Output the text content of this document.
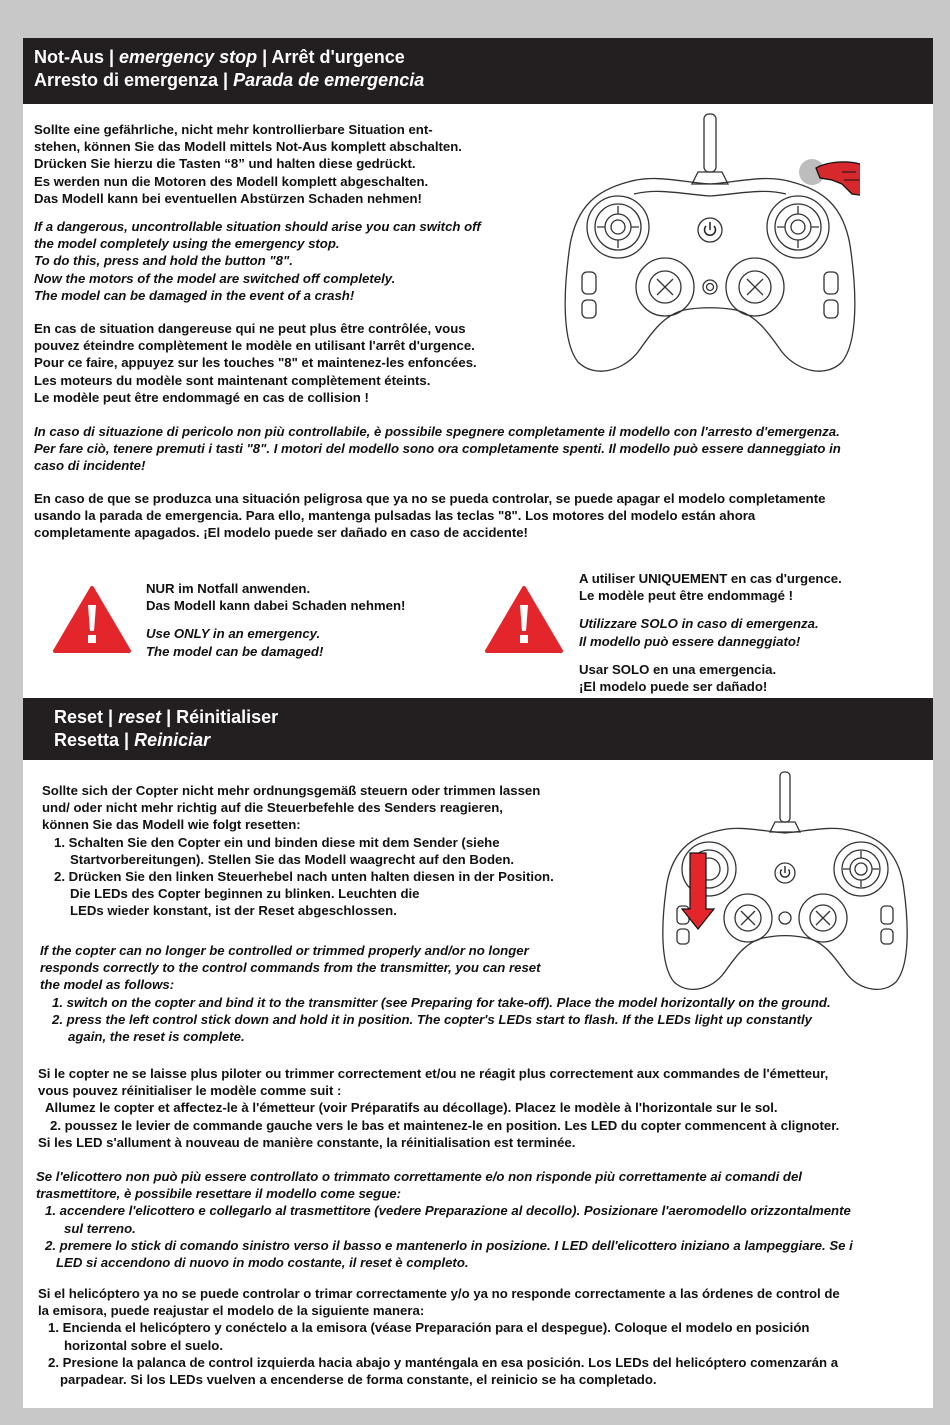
Not-Aus | emergency stop | Arrêt d'urgence
Arresto di emergenza | Parada de emergencia
Sollte eine gefährliche, nicht mehr kontrollierbare Situation ent-
stehen, können Sie das Modell mittels Not-Aus komplett abschalten.
Drücken Sie hierzu die Tasten “8” und halten diese gedrückt.
Es werden nun die Motoren des Modell komplett abgeschalten.
Das Modell kann bei eventuellen Abstürzen Schaden nehmen!
If a dangerous, uncontrollable situation should arise you can switch off
the model completely using the emergency stop.
To do this, press and hold the button "8".
Now the motors of the model are switched off completely.
The model can be damaged in the event of a crash!
En cas de situation dangereuse qui ne peut plus être contrôlée, vous
pouvez éteindre complètement le modèle en utilisant l'arrêt d'urgence.
Pour ce faire, appuyez sur les touches "8" et maintenez-les enfoncées.
Les moteurs du modèle sont maintenant complètement éteints.
Le modèle peut être endommagé en cas de collision !
In caso di situazione di pericolo non più controllabile, è possibile spegnere completamente il modello con l'arresto d'emergenza.
Per fare ciò, tenere premuti i tasti "8". I motori del modello sono ora completamente spenti. Il modello può essere danneggiato in
caso di incidente!
En caso de que se produzca una situación peligrosa que ya no se pueda controlar, se puede apagar el modelo completamente
usando la parada de emergencia. Para ello, mantenga pulsadas las teclas "8". Los motores del modelo están ahora
completamente apagados. ¡El modelo puede ser dañado en caso de accidente!

NUR im Notfall anwenden.

Das Modell kann dabei Schaden nehmen!

Use ONLY in an emergency.

The model can be damaged!

A utiliser UNIQUEMENT en cas d'urgence.

Le modèle peut être endommagé !

Utilizzare SOLO in caso di emergenza.

Il modello può essere danneggiato!

Usar SOLO en una emergencia.

¡El modelo puede ser dañado!

Reset | reset | Réinitialiser
Resetta | Reiniciar
Sollte sich der Copter nicht mehr ordnungsgemäß steuern oder trimmen lassen
und/ oder nicht mehr richtig auf die Steuerbefehle des Senders reagieren,
können Sie das Modell wie folgt resetten:
1. Schalten Sie den Copter ein und binden diese mit dem Sender (siehe
Startvorbereitungen). Stellen Sie das Modell waagrecht auf den Boden.
2. Drücken Sie den linken Steuerhebel nach unten halten diesen in der Position.
Die LEDs des Copter beginnen zu blinken. Leuchten die
LEDs wieder konstant, ist der Reset abgeschlossen.
If the copter can no longer be controlled or trimmed properly and/or no longer
responds correctly to the control commands from the transmitter, you can reset
the model as follows:
1. switch on the copter and bind it to the transmitter (see Preparing for take-off). Place the model horizontally on the ground.
2. press the left control stick down and hold it in position. The copter's LEDs start to flash. If the LEDs light up constantly
again, the reset is complete.
Si le copter ne se laisse plus piloter ou trimmer correctement et/ou ne réagit plus correctement aux commandes de l'émetteur,
vous pouvez réinitialiser le modèle comme suit :
Allumez le copter et affectez-le à l'émetteur (voir Préparatifs au décollage). Placez le modèle à l'horizontale sur le sol.
2. poussez le levier de commande gauche vers le bas et maintenez-le en position. Les LED du copter commencent à clignoter.
Si les LED s'allument à nouveau de manière constante, la réinitialisation est terminée.
Se l'elicottero non può più essere controllato o trimmato correttamente e/o non risponde più correttamente ai comandi del
trasmettitore, è possibile resettare il modello come segue:
1. accendere l'elicottero e collegarlo al trasmettitore (vedere Preparazione al decollo). Posizionare l'aeromodello orizzontalmente
sul terreno.
2. premere lo stick di comando sinistro verso il basso e mantenerlo in posizione. I LED dell'elicottero iniziano a lampeggiare. Se i
LED si accendono di nuovo in modo costante, il reset è completo.
Si el helicóptero ya no se puede controlar o trimar correctamente y/o ya no responde correctamente a las órdenes de control de
la emisora, puede reajustar el modelo de la siguiente manera:
1. Encienda el helicóptero y conéctelo a la emisora (véase Preparación para el despegue). Coloque el modelo en posición
horizontal sobre el suelo.
2. Presione la palanca de control izquierda hacia abajo y manténgala en esa posición. Los LEDs del helicóptero comenzarán a
parpadear. Si los LEDs vuelven a encenderse de forma constante, el reinicio se ha completado.
